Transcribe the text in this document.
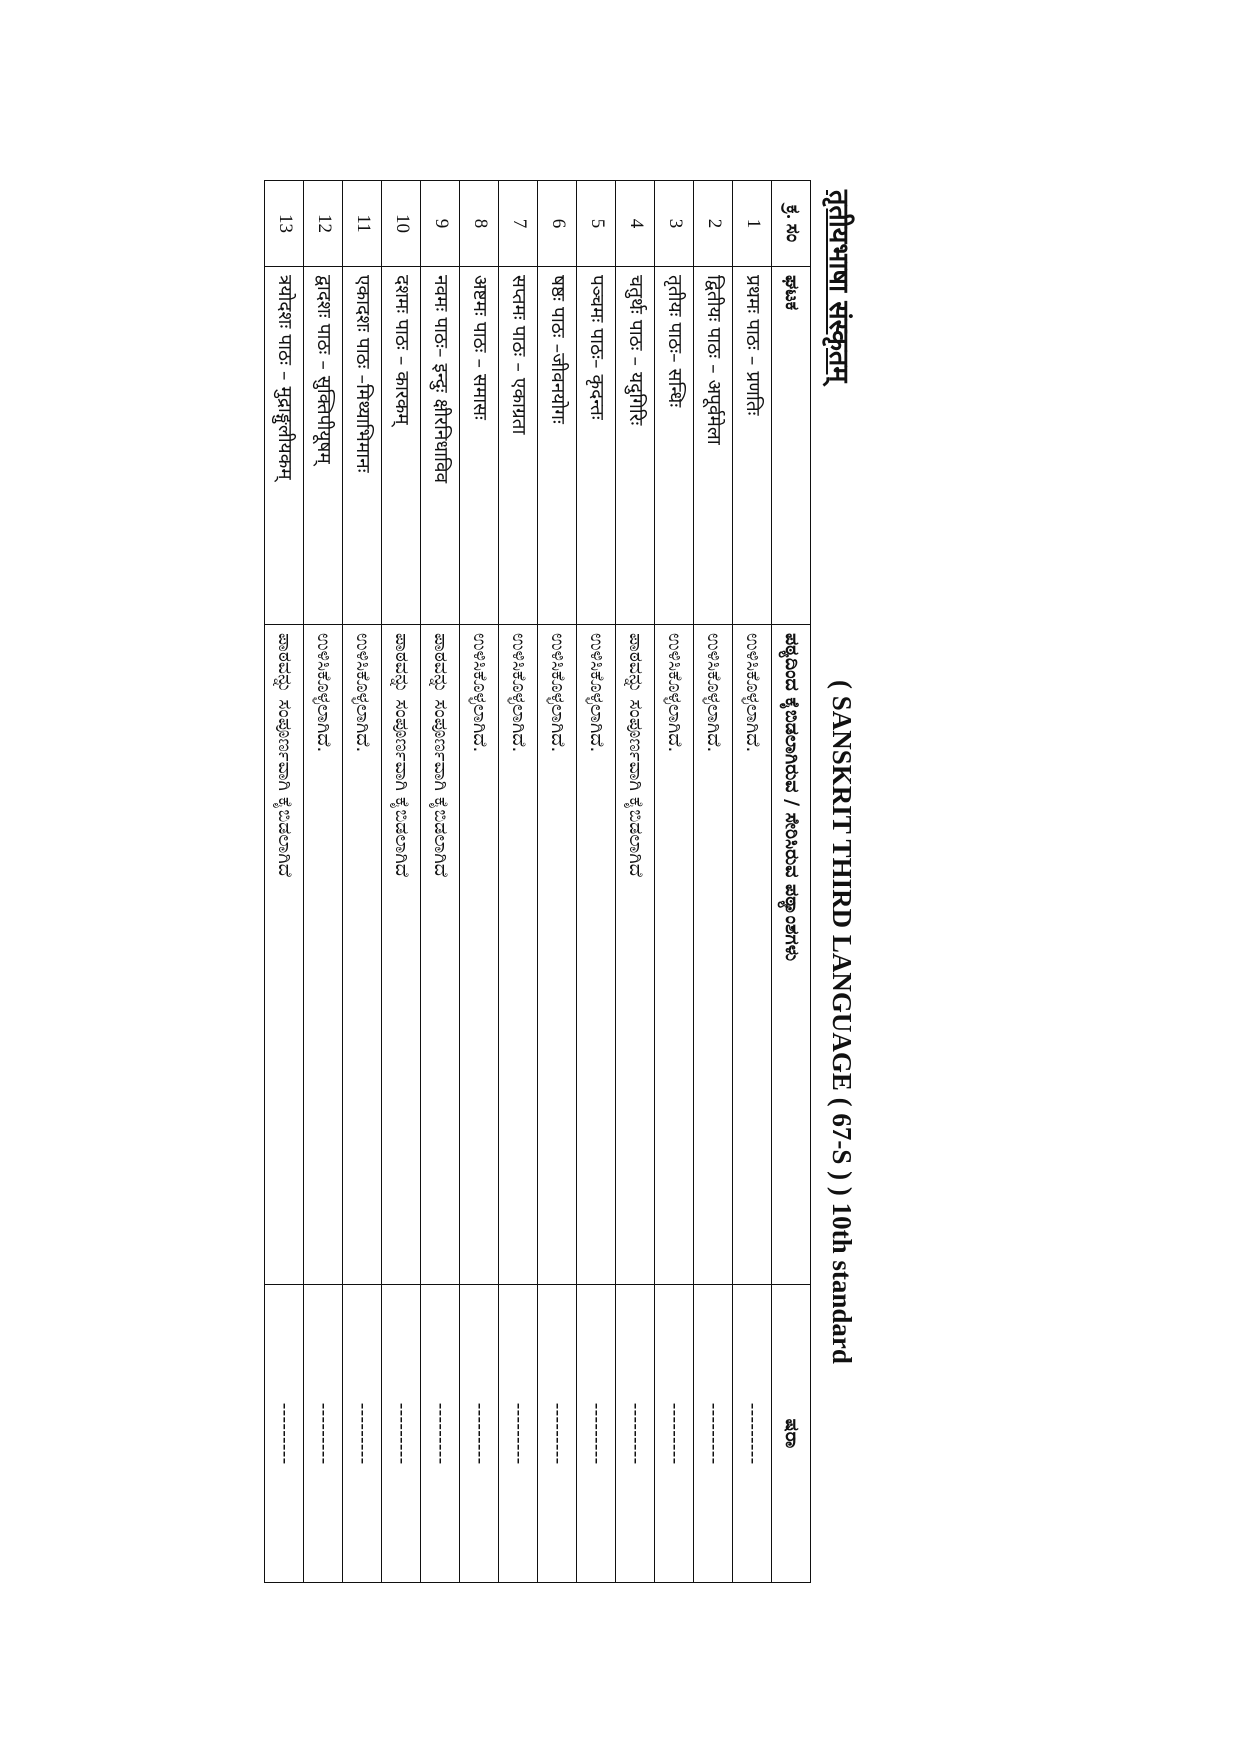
तृतीयभाषा संस्कृतम्
( SANSKRIT THIRD LANGUAGE ( 67-S ) ) 10th standard
ಕ್ರ. ಸಂ	ಘಟಕ	ಪಠ್ಯದಿಂದ ಕೈಬಿಡಲಾಗಿರುವ / ಸೇರಿಸಿರುವ ಪಠ್ಯಾಂಶಗಳು	ಷರಾ
1	प्रथमः पाठः – प्रणतिः	ಉಳಿಸಿಕೊಳ್ಳಲಾಗಿದೆ.	---------
2	द्वितीयः पाठः – अपूर्वमेला	ಉಳಿಸಿಕೊಳ್ಳಲಾಗಿದೆ.	---------
3	तृतीयः पाठः– सन्धिः	ಉಳಿಸಿಕೊಳ್ಳಲಾಗಿದೆ.	---------
4	चतुर्थः पाठः – यदुगिरिः	ಪಾಠವನ್ನು ಸಂಪೂರ್ಣವಾಗಿ ಕೈಬಿಡಲಾಗಿದೆ	---------
5	पञ्चमः पाठः– कृदन्तः	ಉಳಿಸಿಕೊಳ್ಳಲಾಗಿದೆ.	---------
6	षष्ठः पाठः –जीवनयोगः	ಉಳಿಸಿಕೊಳ್ಳಲಾಗಿದೆ.	---------
7	सप्तमः पाठः – एकाग्रता	ಉಳಿಸಿಕೊಳ್ಳಲಾಗಿದೆ.	---------
8	अष्टमः पाठः – समासः	ಉಳಿಸಿಕೊಳ್ಳಲಾಗಿದೆ.	---------
9	नवमः पाठः– इन्दुः क्षीरनिधाविव	ಪಾಠವನ್ನು ಸಂಪೂರ್ಣವಾಗಿ ಕೈಬಿಡಲಾಗಿದೆ	---------
10	दशमः पाठः – कारकम्	ಪಾಠವನ್ನು ಸಂಪೂರ್ಣವಾಗಿ ಕೈಬಿಡಲಾಗಿದೆ	---------
11	एकादशः पाठः –मिथ्याभिमानः	ಉಳಿಸಿಕೊಳ್ಳಲಾಗಿದೆ.	---------
12	द्वादशः पाठः – सुक्तिपीयूषम्	ಉಳಿಸಿಕೊಳ್ಳಲಾಗಿದೆ.	---------
13	त्रयोदशः पाठः – मुद्राङ्गुलीयकम्	ಪಾಠವನ್ನು ಸಂಪೂರ್ಣವಾಗಿ ಕೈಬಿಡಲಾಗಿದೆ	---------
